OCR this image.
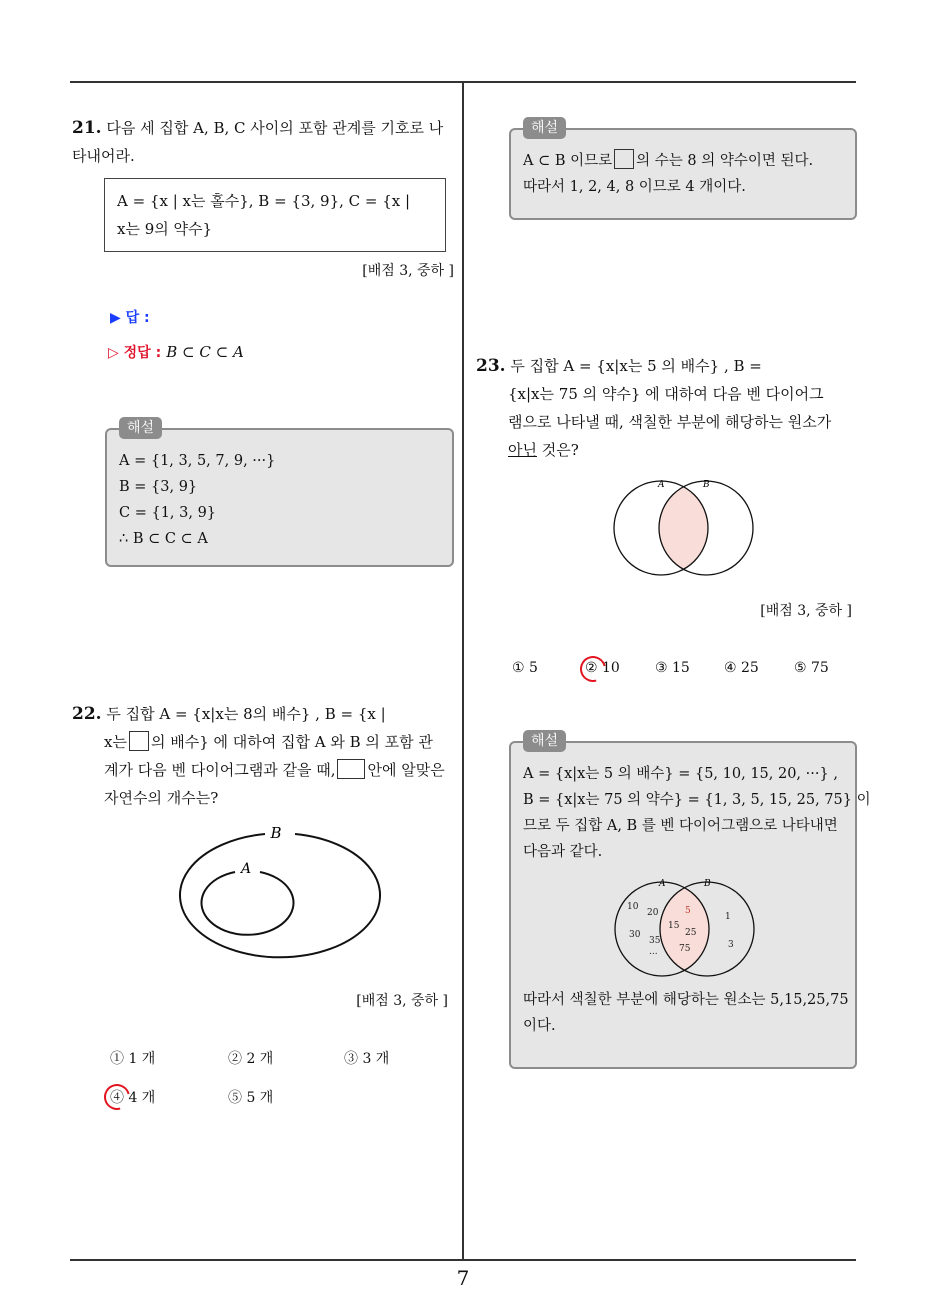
21. 다음 세 집합 A, B, C 사이의 포함 관계를 기호로 나타내어라.
A = {x | x는 홀수}, B = {3, 9}, C = {x |
x는 9의 약수}
[배점 3, 중하 ]
▶ 답 :
▷ 정답 : B ⊂ C ⊂ A
해설
A = {1, 3, 5, 7, 9, ···}
B = {3, 9}
C = {1, 3, 9}
∴ B ⊂ C ⊂ A
22. 두 집합 A = {x|x는 8의 배수} , B = {x |
x는 의 배수} 에 대하여 집합 A 와 B 의 포함 관
계가 다음 벤 다이어그램과 같을 때, 안에 알맞은
자연수의 개수는?
B
A
[배점 3, 중하 ]
① 1 개	② 2 개	③ 3 개
④ 4 개	⑤ 5 개
해설
A ⊂ B 이므로 의 수는 8 의 약수이면 된다.
따라서 1, 2, 4, 8 이므로 4 개이다.
23. 두 집합 A = {x|x는 5 의 배수} , B =
{x|x는 75 의 약수} 에 대하여 다음 벤 다이어그
램으로 나타낼 때, 색칠한 부분에 해당하는 원소가
아닌 것은?
A	B
[배점 3, 중하 ]
① 5	② 10	③ 15 ④ 25	⑤ 75
해설
A = {x|x는 5 의 배수} = {5, 10, 15, 20, ···} ,
B = {x|x는 75 의 약수} = {1, 3, 5, 15, 25, 75} 이
므로 두 집합 A, B 를 벤 다이어그램으로 나타내면
다음과 같다.
A	B
10
20
30
35
...
5
15
25
75
1
3
따라서 색칠한 부분에 해당하는 원소는 5,15,25,75
이다.
7
